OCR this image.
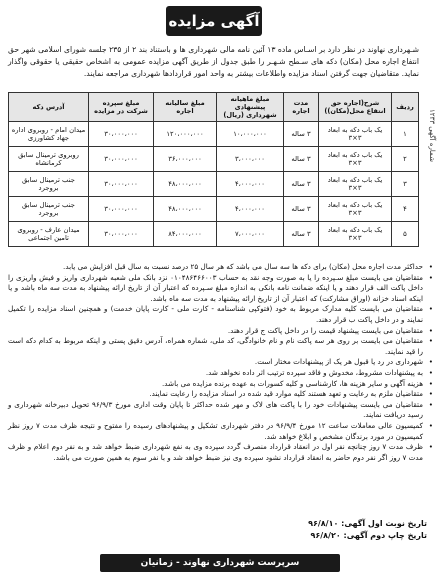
شماره آگهی ۱۲۳۳
آگهی مزایده
شـهرداری نهاوند در نظر دارد بر اسـاس ماده ۱۳ آئین نامه مالی شهرداری ها و باستناد بند ۲ از ۲۳۵ جلسه شورای اسلامی شهر حق انتفاع اجاره محل (مکان) دکه های سـطح شـهـر را طبق جدول از طریق آگهی مزایده عمومی به اشخاص حقیقی یا حقوقی واگذار نماید. متقاضیان جهت گرفتن اسناد مزایده واطلاعات بیشتر به واحد امور قراردادها شهرداری مراجعه نمایند.
ردیف	شرح(اجاره حق انتفاع محل(مکان))	مدت اجاره	مبلغ ماهیانه پیشنهادی شهرداری (ریال)	مبلغ سالیانه اجاره	مبلغ سپرده شرکت در مزایده	آدرس دکه
۱	یک باب دکه به ابعاد ۳×۳	۳ ساله	۱۰،۰۰۰،۰۰۰	۱۲۰،۰۰۰،۰۰۰	۳۰،۰۰۰،۰۰۰	میدان امام - روبروی اداره جهاد کشاورزی
۲	یک باب دکه به ابعاد ۳×۳	۳ ساله	۳،۰۰۰،۰۰۰	۳۶،۰۰۰،۰۰۰	۳۰،۰۰۰،۰۰۰	روبروی ترمینال سابق کرمانشاه
۳	یک باب دکه به ابعاد ۳×۳	۳ ساله	۴،۰۰۰،۰۰۰	۴۸،۰۰۰،۰۰۰	۳۰،۰۰۰،۰۰۰	جنب ترمینال سابق بروجرد
۴	یک باب دکه به ابعاد ۳×۳	۳ ساله	۴،۰۰۰،۰۰۰	۴۸،۰۰۰،۰۰۰	۳۰،۰۰۰،۰۰۰	جنب ترمینال سابق بروجرد
۵	یک باب دکه به ابعاد ۳×۳	۳ ساله	۷،۰۰۰،۰۰۰	۸۴،۰۰۰،۰۰۰	۳۰،۰۰۰،۰۰۰	میدان عارف - روبروی تامین اجتماعی
•
حداکثر مدت اجاره محل (مکان) برای دکه ها سه سال می باشد که هر سال ۲۵ درصد نسبت به سال قبل افزایش می یابد.
•
متقاضیان می بایست مبلغ سـپرده را یا به صورت وجه نقد به حساب ۰۱۰۴۸۶۴۶۶۰۰۳ نزد بانک ملی شعبه شهرداری واریز و فیش واریزی را داخل پاکت الف قرار دهند و یا اینکه ضمانت نامه بانکی به اندازه مبلغ سـپرده که اعتبار آن از تاریخ ارائه پیشنهاد به مدت سه ماه باشد و یا اینکه اسناد خزانه (اوراق مشارکت) که اعتبار آن از تاریخ ارائه پیشنهاد به مدت سه ماه باشد.
•
متقاضیان می بایست کلیه مدارک مربوط به خود (فتوکپی شناسنامه - کارت ملی - کارت پایان خدمت) و همچنین اسناد مزایده را تکمیل نمایند و در داخل پاکت ب قرار دهند.
•
متقاضیان می بایست پیشنهاد قیمت را در داخل پاکت ج قرار دهند.
•
متقاضیان می بایست بر روی هر سه پاکت نام و نام خانوادگی، کد ملی، شماره همراه، آدرس دقیق پستی و اینکه مربوط به کدام دکه است را قید نمایند.
•
شهرداری در رد یا قبول هر یک از پیشنهادات مختار است.
•
به پیشنهادات مشروط، مخدوش و فاقد سپرده ترتیب اثر داده نخواهد شد.
•
هزینه آگهی و سایر هزینه ها، کارشناسی و کلیه کسورات به عهده برنده مزایده می باشد.
•
متقاضیان ملزم به رعایت و تعهد هستند کلیه موارد قید شده در اسناد مزایده را رعایت نمایند.
•
متقاضیان می بایست پیشنهادات خود را با پاکت های لاک و مهر شده حداکثر تا پایان وقت اداری مورخ ۹۶/۹/۳ تحویل دبیرخانه شهرداری و رسید دریافت نمایند.
•
کمیسیون عالی معاملات ساعت ۱۲ مورخ ۹۶/۹/۴ در دفتر شهرداری تشکیل و پیشنهادهای رسیده را مفتوح و نتیجه ظرف مدت ۷ روز نظر کمیسیون در مورد برندگان مشخص و ابلاغ خواهد شد.
•
ظرف مدت ۷ روز چنانچه نفر اول در انعقاد قرارداد منصرف گردد سپرده وی به نفع شهرداری ضبط خواهد شد و به نفر دوم اعلام و ظرف مدت ۷ روز اگر نفر دوم حاضر به انعقاد قرارداد نشود سپرده وی نیز ضبط خواهد شد و با نفر سوم به همین صورت می باشد.
تاریخ نوبت اول آگهی: ۹۶/۸/۱۰
تاریخ چاپ دوم آگهی: ۹۶/۸/۲۰
سرپرست شهرداری نهاوند - زمانیان
